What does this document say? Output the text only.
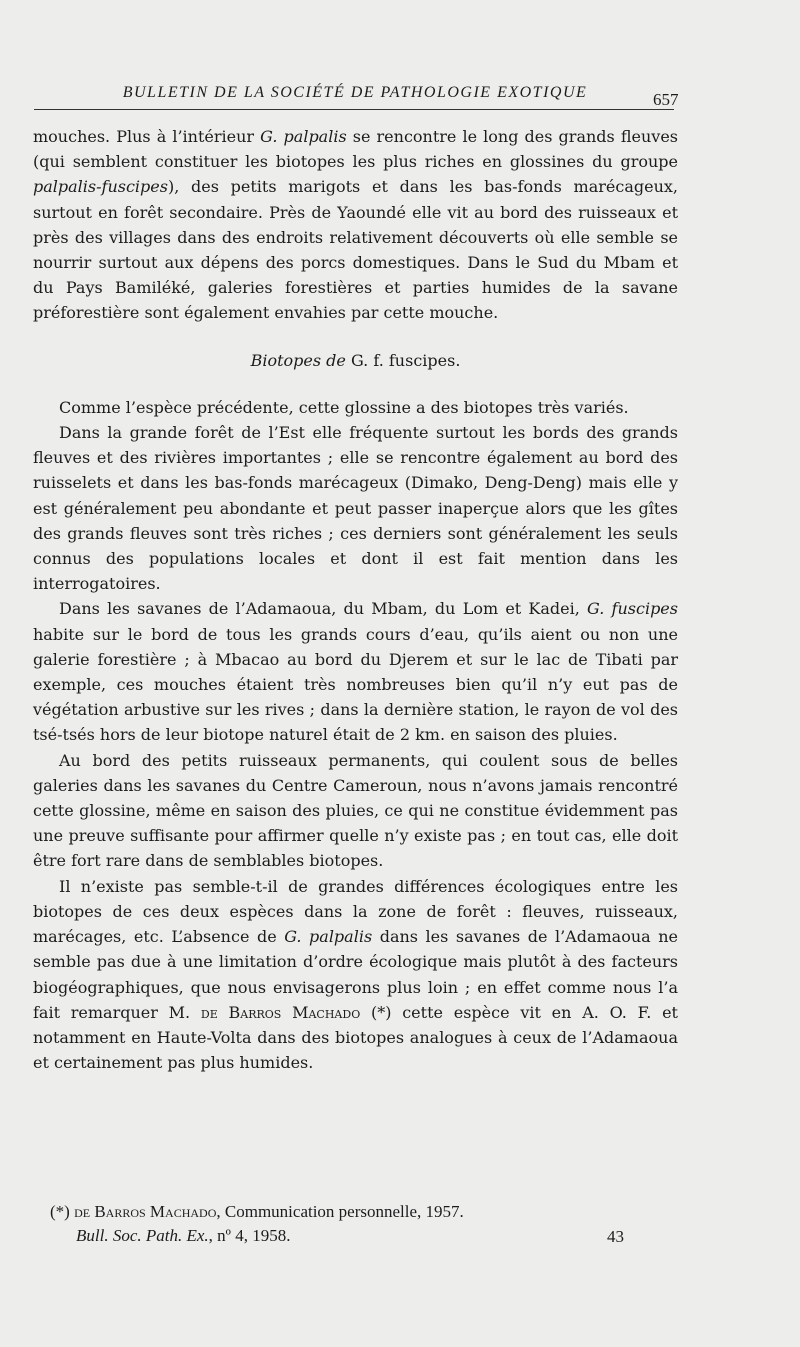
BULLETIN DE LA SOCIÉTÉ DE PATHOLOGIE EXOTIQUE	657

mouches. Plus à l’intérieur G. palpalis se rencontre le long des grands fleuves (qui semblent constituer les biotopes les plus riches en glossines du groupe palpalis-fuscipes), des petits marigots et dans les bas-fonds marécageux, surtout en forêt secondaire. Près de Yaoundé elle vit au bord des ruisseaux et près des villages dans des endroits relativement découverts où elle semble se nourrir surtout aux dépens des porcs domestiques. Dans le Sud du Mbam et du Pays Bamiléké, galeries forestières et parties humides de la savane préforestière sont également envahies par cette mouche.

Biotopes de G. f. fuscipes.

Comme l’espèce précédente, cette glossine a des biotopes très variés.

Dans la grande forêt de l’Est elle fréquente surtout les bords des grands fleuves et des rivières importantes ; elle se rencontre également au bord des ruisselets et dans les bas-fonds marécageux (Dimako, Deng-Deng) mais elle y est généralement peu abondante et peut passer inaperçue alors que les gîtes des grands fleuves sont très riches ; ces derniers sont généralement les seuls connus des populations locales et dont il est fait mention dans les interrogatoires.

Dans les savanes de l’Adamaoua, du Mbam, du Lom et Kadei, G. fuscipes habite sur le bord de tous les grands cours d’eau, qu’ils aient ou non une galerie forestière ; à Mbacao au bord du Djerem et sur le lac de Tibati par exemple, ces mouches étaient très nombreuses bien qu’il n’y eut pas de végétation arbustive sur les rives ; dans la dernière station, le rayon de vol des tsé-tsés hors de leur biotope naturel était de 2 km. en saison des pluies.

Au bord des petits ruisseaux permanents, qui coulent sous de belles galeries dans les savanes du Centre Cameroun, nous n’avons jamais rencontré cette glossine, même en saison des pluies, ce qui ne constitue évidemment pas une preuve suffisante pour affirmer quelle n’y existe pas ; en tout cas, elle doit être fort rare dans de semblables biotopes.

Il n’existe pas semble-t-il de grandes différences écologiques entre les biotopes de ces deux espèces dans la zone de forêt : fleuves, ruisseaux, marécages, etc. L’absence de G. palpalis dans les savanes de l’Adamaoua ne semble pas due à une limitation d’ordre écologique mais plutôt à des facteurs biogéographiques, que nous envisagerons plus loin ; en effet comme nous l’a fait remarquer M. de Barros Machado (*) cette espèce vit en A. O. F. et notamment en Haute-Volta dans des biotopes analogues à ceux de l’Adamaoua et certainement pas plus humides.

(*) de Barros Machado, Communication personnelle, 1957.

Bull. Soc. Path. Ex., nº 4, 1958.	43
